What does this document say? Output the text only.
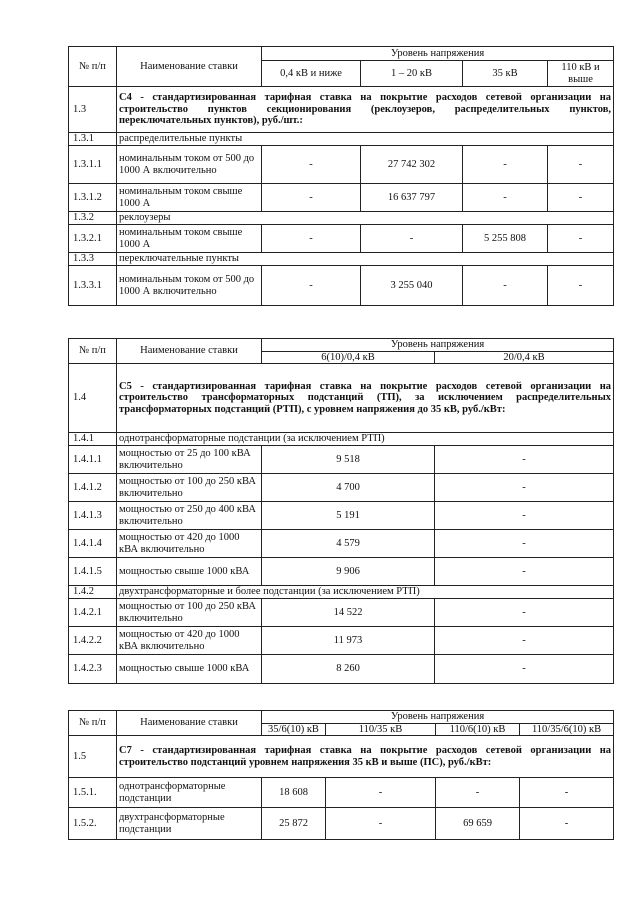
№ п/п	Наименование ставки	Уровень напряжения			
		0,4 кВ и ниже	1 – 20 кВ	35 кВ	110 кВ и выше
1.3	С4 - стандартизированная тарифная ставка на покрытие расходов сетевой организации на строительство пунктов секционирования (реклоузеров, распределительных пунктов, переключательных пунктов), руб./шт.:				
1.3.1	распределительные пункты				
1.3.1.1	номинальным током от 500 до 1000 А включительно	-	27 742 302	-	-
1.3.1.2	номинальным током свыше 1000 А	-	16 637 797	-	-
1.3.2	реклоузеры				
1.3.2.1	номинальным током свыше 1000 А	-	-	5 255 808	-
1.3.3	переключательные пункты				
1.3.3.1	номинальным током от 500 до 1000 А включительно	-	3 255 040	-	-
№ п/п	Наименование ставки	Уровень напряжения	
		6(10)/0,4 кВ	20/0,4 кВ
1.4	С5 - стандартизированная тарифная ставка на покрытие расходов сетевой организации на строительство трансформаторных подстанций (ТП), за исключением распределительных трансформаторных подстанций (РТП), с уровнем напряжения до 35 кВ, руб./кВт:		
1.4.1	однотрансформаторные подстанции (за исключением РТП)		
1.4.1.1	мощностью от 25 до 100 кВА включительно	9 518	-
1.4.1.2	мощностью от 100 до 250 кВА включительно	4 700	-
1.4.1.3	мощностью от 250 до 400 кВА включительно	5 191	-
1.4.1.4	мощностью от 420 до 1000 кВА включительно	4 579	-
1.4.1.5	мощностью свыше 1000 кВА	9 906	-
1.4.2	двухтрансформаторные и более подстанции (за исключением РТП)		
1.4.2.1	мощностью от 100 до 250 кВА включительно	14 522	-
1.4.2.2	мощностью от 420 до 1000 кВА включительно	11 973	-
1.4.2.3	мощностью свыше 1000 кВА	8 260	-
№ п/п	Наименование ставки	Уровень напряжения			
		35/6(10) кВ	110/35 кВ	110/6(10) кВ	110/35/6(10) кВ
1.5	С7 - стандартизированная тарифная ставка на покрытие расходов сетевой организации на строительство подстанций уровнем напряжения 35 кВ и выше (ПС), руб./кВт:				
1.5.1.	однотрансформаторные подстанции	18 608	-	-	-
1.5.2.	двухтрансформаторные подстанции	25 872	-	69 659	-
